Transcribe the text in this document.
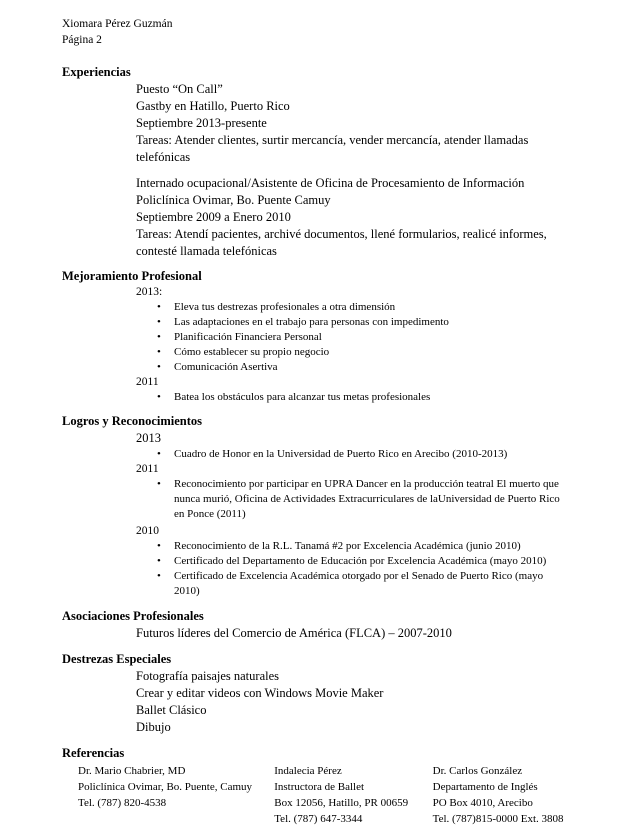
Xiomara Pérez Guzmán
Página 2
Experiencias
Puesto “On Call”
Gastby en Hatillo, Puerto Rico
Septiembre 2013-presente
Tareas: Atender clientes, surtir mercancía, vender mercancía, atender llamadas
telefónicas
Internado ocupacional/Asistente de Oficina de Procesamiento de Información
Policlínica Ovimar, Bo. Puente Camuy
Septiembre 2009 a Enero 2010
Tareas: Atendí pacientes, archivé documentos, llené formularios, realicé informes,
contesté llamada telefónicas
Mejoramiento Profesional
2013:
• Eleva tus destrezas profesionales a otra dimensión
• Las adaptaciones en el trabajo para personas con impedimento
• Planificación Financiera Personal
• Cómo establecer su propio negocio
• Comunicación Asertiva
2011
• Batea los obstáculos para alcanzar tus metas profesionales
Logros y Reconocimientos
2013
• Cuadro de Honor en la Universidad de Puerto Rico en Arecibo (2010-2013)
2011
• Reconocimiento por participar en UPRA Dancer en la producción teatral El muerto que
nunca murió, Oficina de Actividades Extracurriculares de laUniversidad de Puerto Rico
en Ponce (2011)
2010
• Reconocimiento de la R.L. Tanamá #2 por Excelencia Académica (junio 2010)
• Certificado del Departamento de Educación por Excelencia Académica (mayo 2010)
• Certificado de Excelencia Académica otorgado por el Senado de Puerto Rico (mayo
2010)
Asociaciones Profesionales
Futuros líderes del Comercio de América (FLCA) – 2007-2010
Destrezas Especiales
Fotografía paisajes naturales
Crear y editar videos con Windows Movie Maker
Ballet Clásico
Dibujo
Referencias
Dr. Mario Chabrier, MD
Policlínica Ovimar, Bo. Puente, Camuy
Tel. (787) 820-4538
Indalecia Pérez
Instructora de Ballet
Box 12056, Hatillo, PR 00659
Tel. (787) 647-3344
Dr. Carlos González
Departamento de Inglés
PO Box 4010, Arecibo
Tel. (787)815-0000 Ext. 3808
